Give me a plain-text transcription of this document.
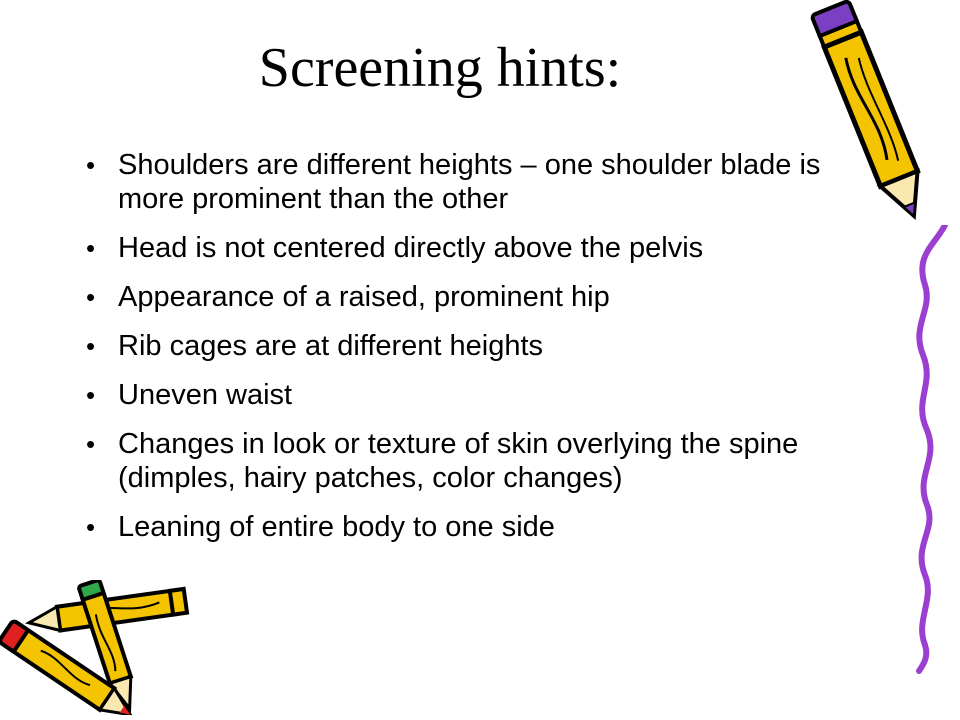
Screening hints:
• Shoulders are different heights – one shoulder blade is more prominent than the other
• Head is not centered directly above the pelvis
• Appearance of a raised, prominent hip
• Rib cages are at different heights
• Uneven waist
• Changes in look or texture of skin overlying the spine (dimples, hairy patches, color changes)
• Leaning of entire body to one side
